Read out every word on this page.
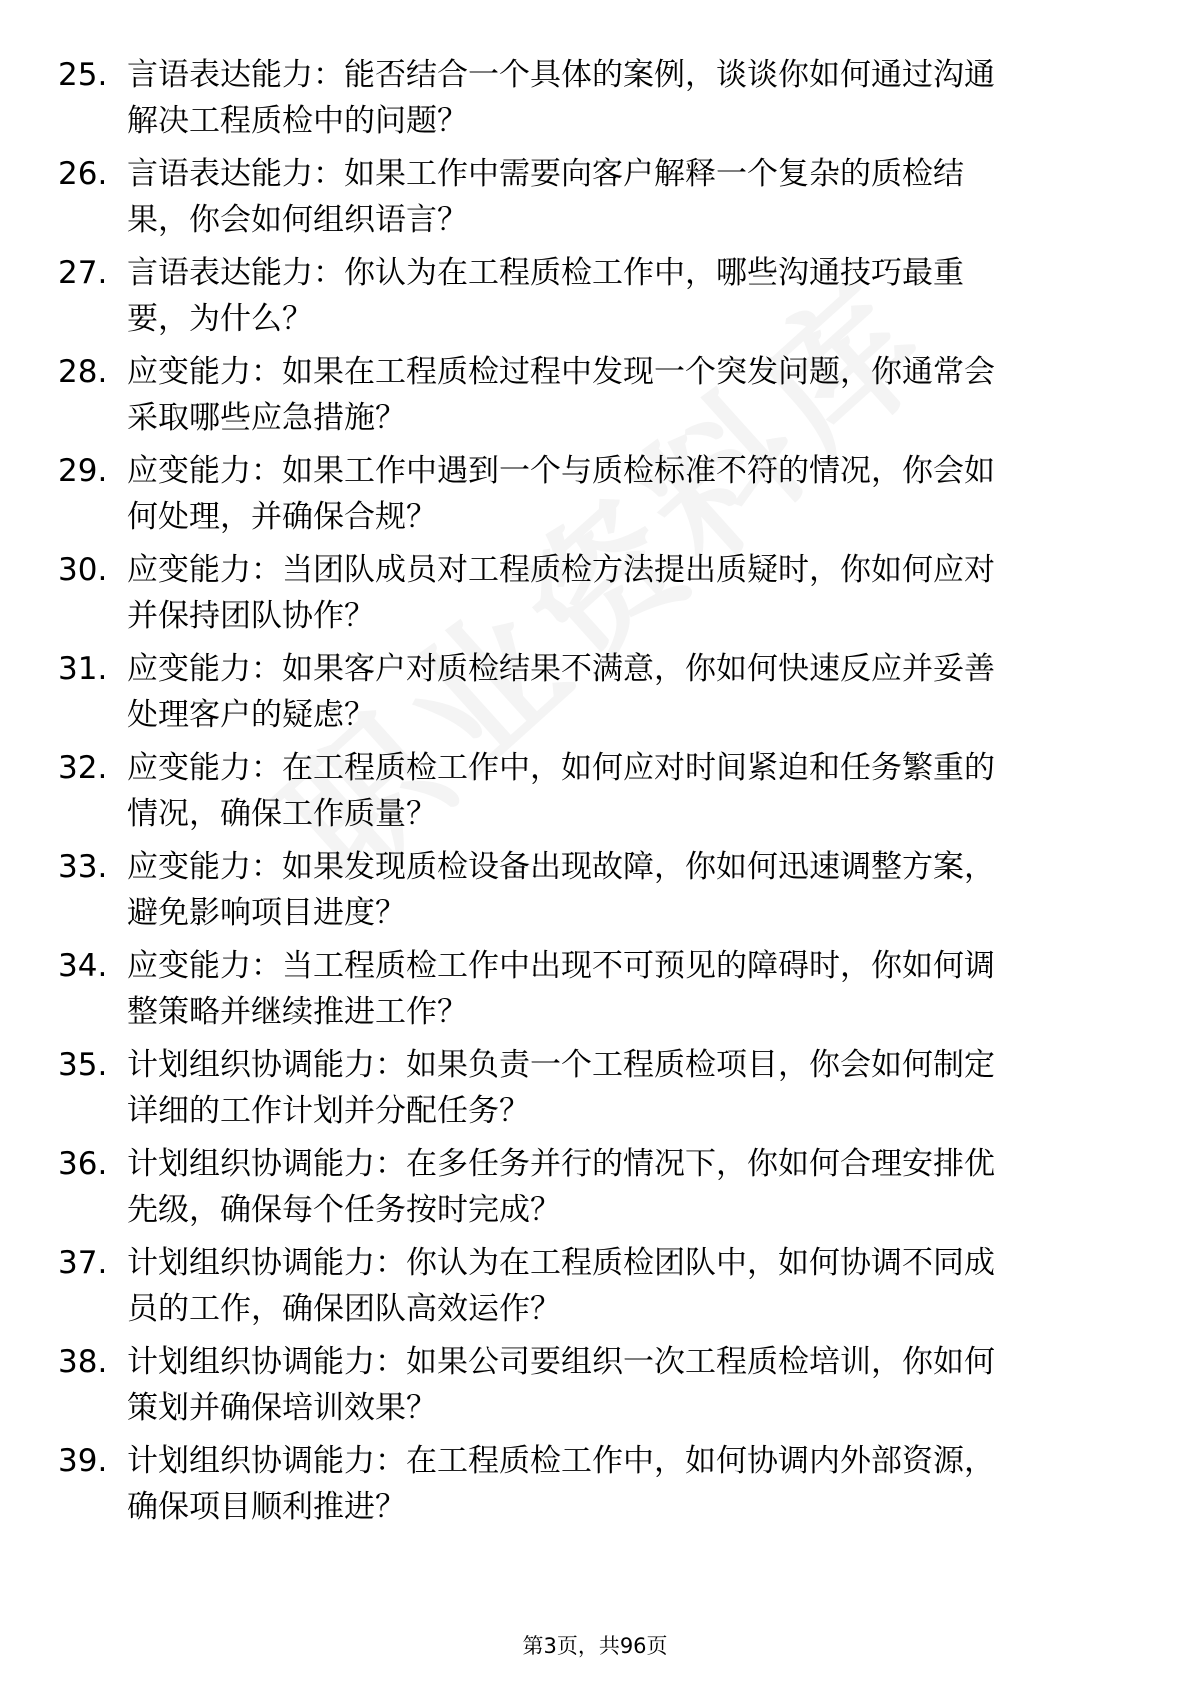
25. 言语表达能力：能否结合一个具体的案例，谈谈你如何通过沟通
解决工程质检中的问题？
26. 言语表达能力：如果工作中需要向客户解释一个复杂的质检结
果，你会如何组织语言？
27. 言语表达能力：你认为在工程质检工作中，哪些沟通技巧最重
要，为什么？
28. 应变能力：如果在工程质检过程中发现一个突发问题，你通常会
采取哪些应急措施？
29. 应变能力：如果工作中遇到一个与质检标准不符的情况，你会如
何处理，并确保合规？
30. 应变能力：当团队成员对工程质检方法提出质疑时，你如何应对
并保持团队协作？
31. 应变能力：如果客户对质检结果不满意，你如何快速反应并妥善
处理客户的疑虑？
32. 应变能力：在工程质检工作中，如何应对时间紧迫和任务繁重的
情况，确保工作质量？
33. 应变能力：如果发现质检设备出现故障，你如何迅速调整方案，
避免影响项目进度？
34. 应变能力：当工程质检工作中出现不可预见的障碍时，你如何调
整策略并继续推进工作？
35. 计划组织协调能力：如果负责一个工程质检项目，你会如何制定
详细的工作计划并分配任务？
36. 计划组织协调能力：在多任务并行的情况下，你如何合理安排优
先级，确保每个任务按时完成？
37. 计划组织协调能力：你认为在工程质检团队中，如何协调不同成
员的工作，确保团队高效运作？
38. 计划组织协调能力：如果公司要组织一次工程质检培训，你如何
策划并确保培训效果？
39. 计划组织协调能力：在工程质检工作中，如何协调内外部资源，
确保项目顺利推进？
第3页，共96页
